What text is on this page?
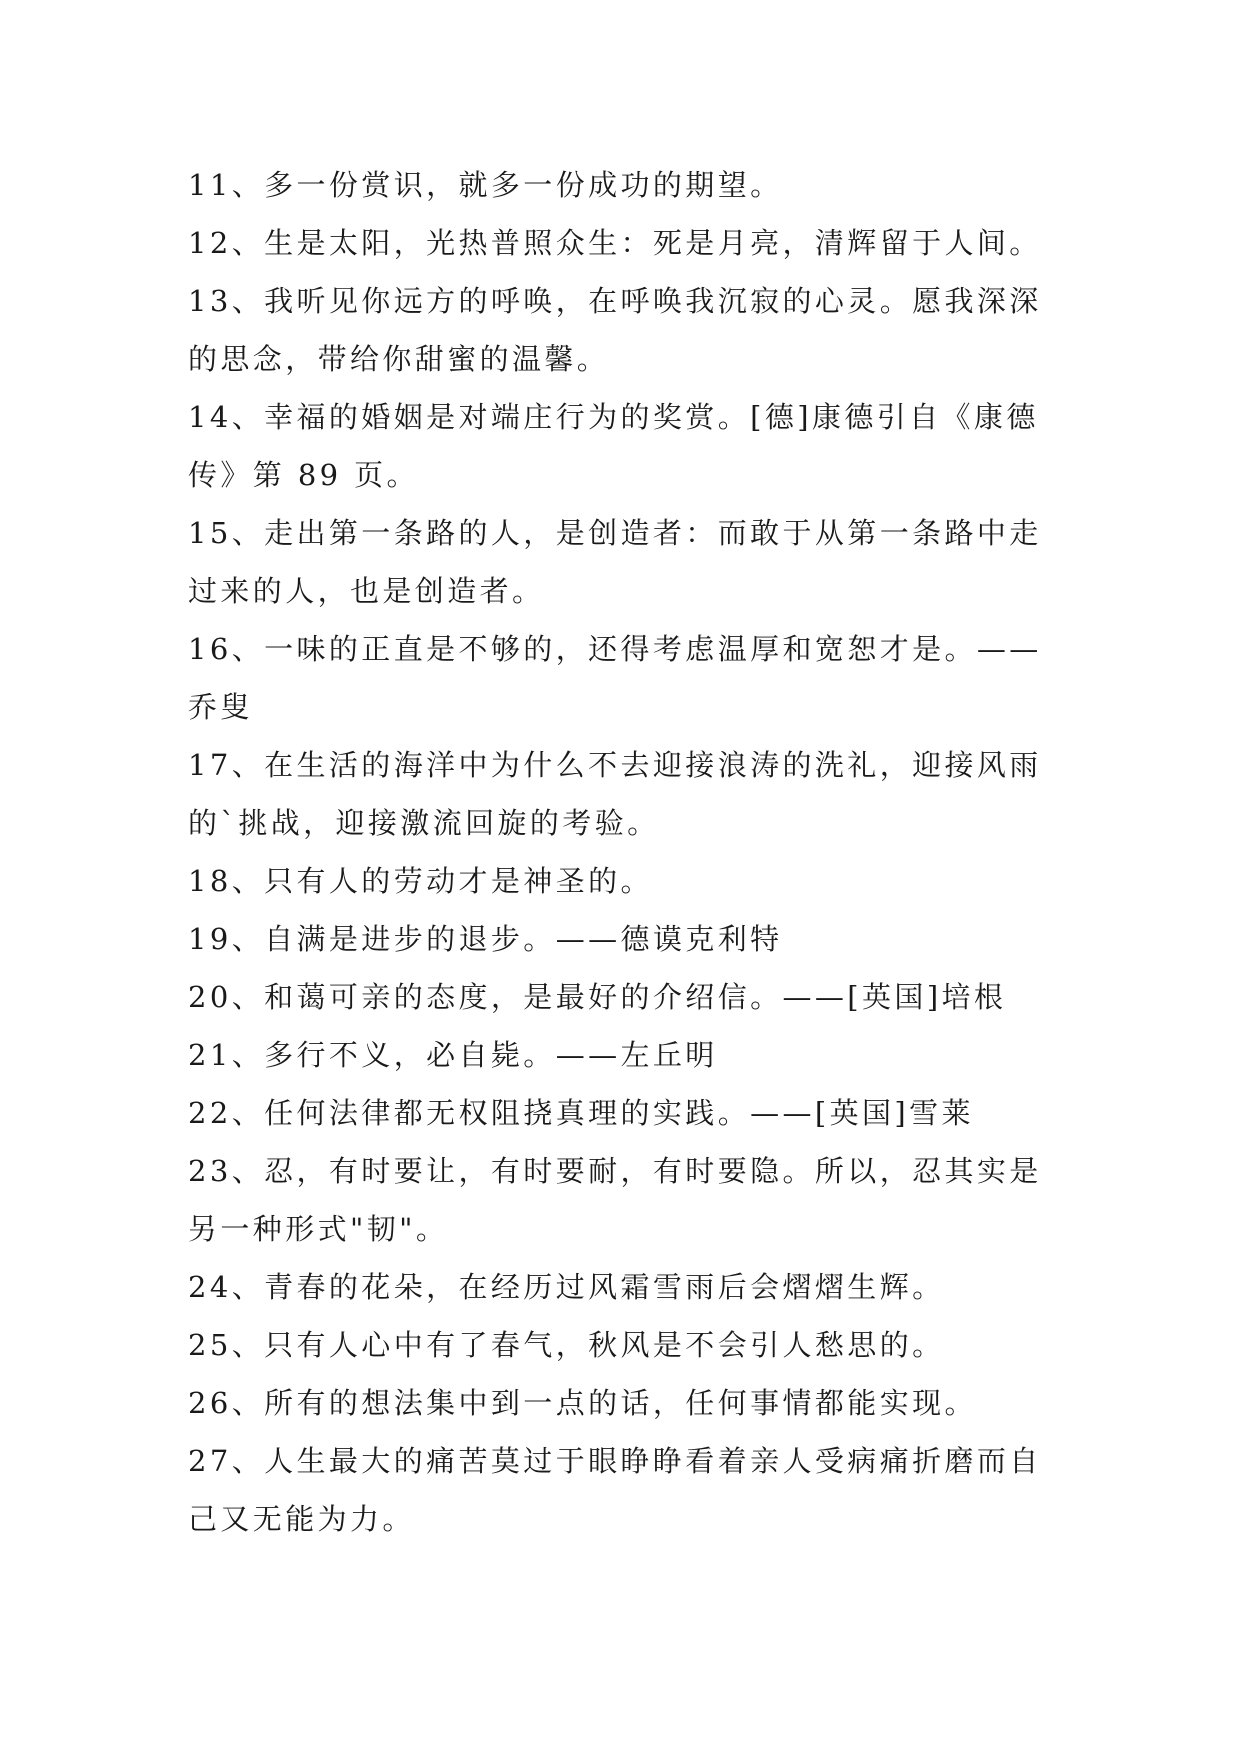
11、多一份赏识，就多一份成功的期望。
12、生是太阳，光热普照众生：死是月亮，清辉留于人间。
13、我听见你远方的呼唤，在呼唤我沉寂的心灵。愿我深深
的思念，带给你甜蜜的温馨。
14、幸福的婚姻是对端庄行为的奖赏。[德]康德引自《康德
传》第 89 页。
15、走出第一条路的人，是创造者：而敢于从第一条路中走
过来的人，也是创造者。
16、一味的正直是不够的，还得考虑温厚和宽恕才是。——
乔叟
17、在生活的海洋中为什么不去迎接浪涛的洗礼，迎接风雨
的`挑战，迎接激流回旋的考验。
18、只有人的劳动才是神圣的。
19、自满是进步的退步。——德谟克利特
20、和蔼可亲的态度，是最好的介绍信。——[英国]培根
21、多行不义，必自毙。——左丘明
22、任何法律都无权阻挠真理的实践。——[英国]雪莱
23、忍，有时要让，有时要耐，有时要隐。所以，忍其实是
另一种形式"韧"。
24、青春的花朵，在经历过风霜雪雨后会熠熠生辉。
25、只有人心中有了春气，秋风是不会引人愁思的。
26、所有的想法集中到一点的话，任何事情都能实现。
27、人生最大的痛苦莫过于眼睁睁看着亲人受病痛折磨而自
己又无能为力。
